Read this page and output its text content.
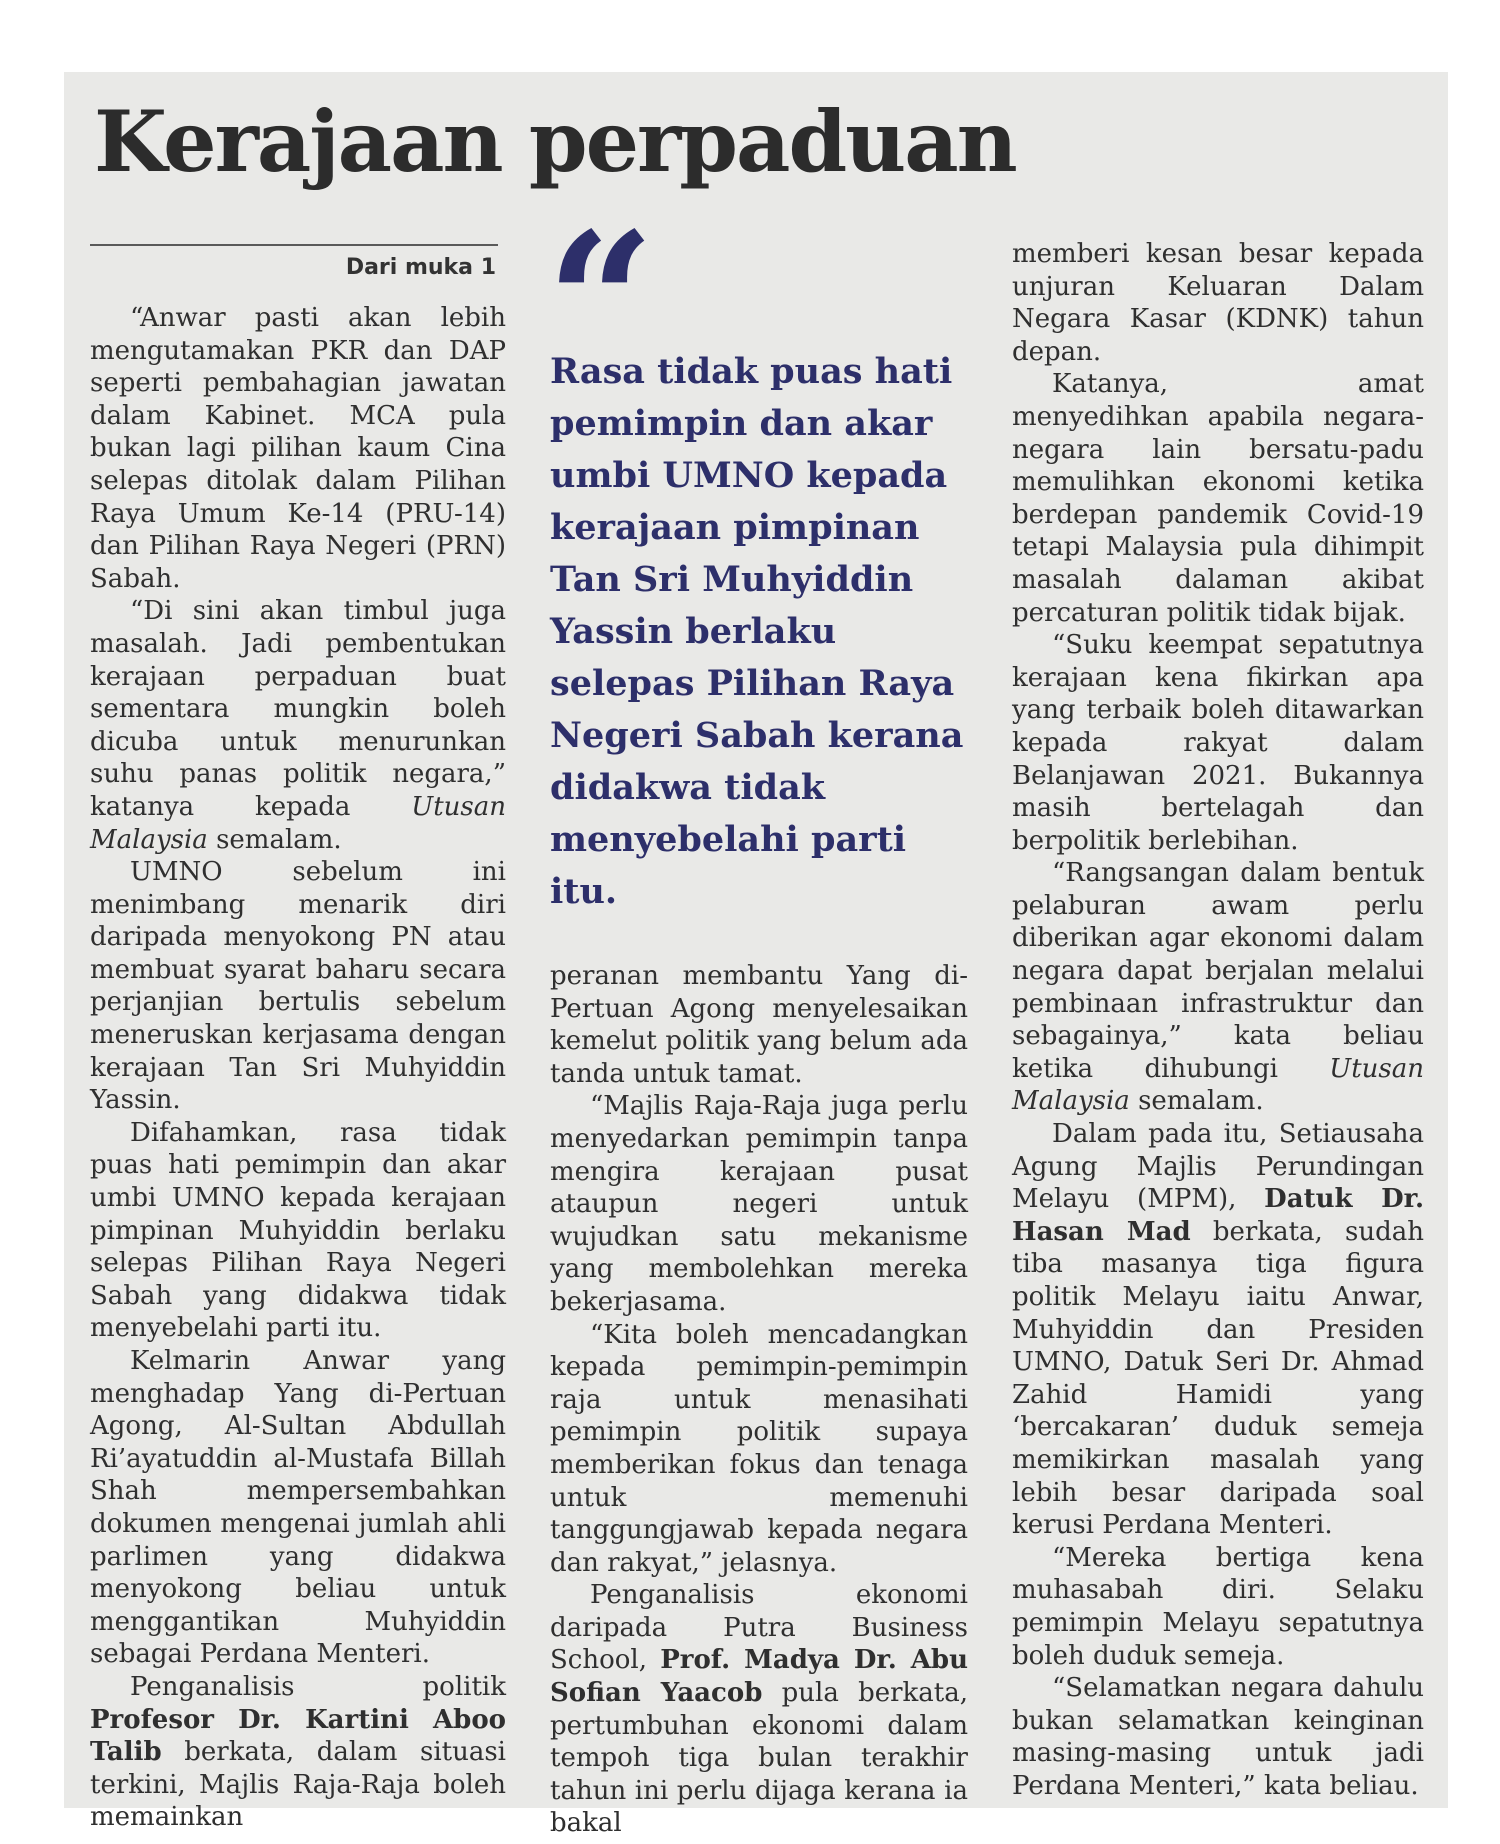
Kerajaan perpaduan
Dari muka 1

“Anwar pasti akan lebih mengutamakan PKR dan DAP seperti pembahagian jawatan dalam Kabinet. MCA pula bukan lagi pilihan kaum Cina selepas ditolak dalam Pilihan Raya Umum Ke-14 (PRU-14) dan Pilihan Raya Negeri (PRN) Sabah.

“Di sini akan timbul juga masalah. Jadi pembentukan kerajaan perpaduan buat sementara mungkin boleh dicuba untuk menurunkan suhu panas politik negara,” katanya kepada Utusan Malaysia semalam.

UMNO sebelum ini menimbang menarik diri daripada menyokong PN atau membuat syarat baharu secara perjanjian bertulis sebelum meneruskan kerjasama dengan kerajaan Tan Sri Muhyiddin Yassin.

Difahamkan, rasa tidak puas hati pemimpin dan akar umbi UMNO kepada kerajaan pimpinan Muhyiddin berlaku selepas Pilihan Raya Negeri Sabah yang didakwa tidak menyebelahi parti itu.

Kelmarin Anwar yang menghadap Yang di-Pertuan Agong, Al-Sultan Abdullah Ri’ayatuddin al-Mustafa Billah Shah mempersembahkan dokumen mengenai jumlah ahli parlimen yang didakwa menyokong beliau untuk menggantikan Muhyiddin sebagai Perdana Menteri.

Penganalisis politik Profesor Dr. Kartini Aboo Talib berkata, dalam situasi terkini, Majlis Raja-Raja boleh memainkan

“

Rasa tidak puas hati pemimpin dan akar umbi UMNO kepada kerajaan pimpinan Tan Sri Muhyiddin Yassin berlaku selepas Pilihan Raya Negeri Sabah kerana didakwa tidak menyebelahi parti itu.

peranan membantu Yang di-Pertuan Agong menyelesaikan kemelut politik yang belum ada tanda untuk tamat.

“Majlis Raja-Raja juga perlu menyedarkan pemimpin tanpa mengira kerajaan pusat ataupun negeri untuk wujudkan satu mekanisme yang membolehkan mereka bekerjasama.

“Kita boleh mencadangkan kepada pemimpin-pemimpin raja untuk menasihati pemimpin politik supaya memberikan fokus dan tenaga untuk memenuhi tanggungjawab kepada negara dan rakyat,” jelasnya.

Penganalisis ekonomi daripada Putra Business School, Prof. Madya Dr. Abu Sofian Yaacob pula berkata, pertumbuhan ekonomi dalam tempoh tiga bulan terakhir tahun ini perlu dijaga kerana ia bakal

memberi kesan besar kepada unjuran Keluaran Dalam Negara Kasar (KDNK) tahun depan.

Katanya, amat menyedihkan apabila negara-negara lain bersatu-padu memulihkan ekonomi ketika berdepan pandemik Covid-19 tetapi Malaysia pula dihimpit masalah dalaman akibat percaturan politik tidak bijak.

“Suku keempat sepatutnya kerajaan kena fikirkan apa yang terbaik boleh ditawarkan kepada rakyat dalam Belanjawan 2021. Bukannya masih bertelagah dan berpolitik berlebihan.

“Rangsangan dalam bentuk pelaburan awam perlu diberikan agar ekonomi dalam negara dapat berjalan melalui pembinaan infrastruktur dan sebagainya,” kata beliau ketika dihubungi Utusan Malaysia semalam.

Dalam pada itu, Setiausaha Agung Majlis Perundingan Melayu (MPM), Datuk Dr. Hasan Mad berkata, sudah tiba masanya tiga figura politik Melayu iaitu Anwar, Muhyiddin dan Presiden UMNO, Datuk Seri Dr. Ahmad Zahid Hamidi yang ‘bercakaran’ duduk semeja memikirkan masalah yang lebih besar daripada soal kerusi Perdana Menteri.

“Mereka bertiga kena muhasabah diri. Selaku pemimpin Melayu sepatutnya boleh duduk semeja.

“Selamatkan negara dahulu bukan selamatkan keinginan masing-masing untuk jadi Perdana Menteri,” kata beliau.
